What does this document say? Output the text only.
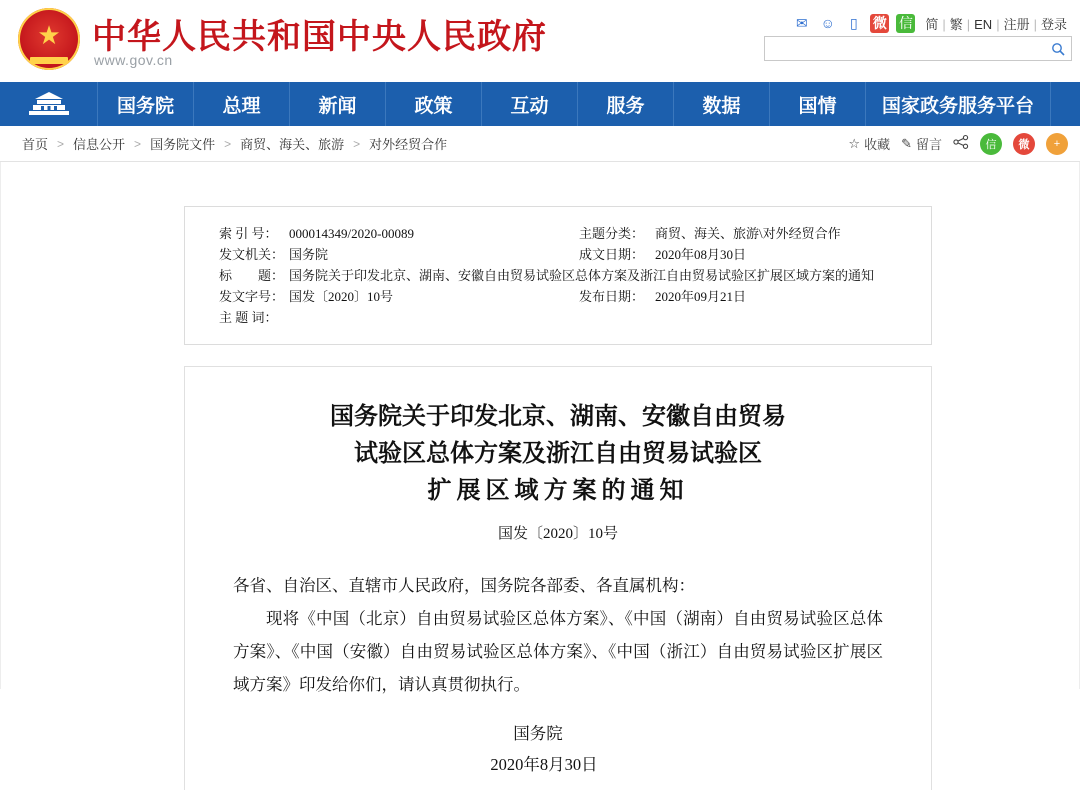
★ 中华人民共和国中央人民政府
www.gov.cn
✉ ☺	▯	微 信 简 | 繁 | EN | 注册 | 登录
国务院	总理	新闻	政策	互动	服务	数据	国情	国家政务服务平台
首页 > 信息公开 > 国务院文件 > 商贸、海关、旅游 > 对外经贸合作	☆ 收藏 ✎ 留言	信	微	+
索 引 号： 000014349/2020-00089	主题分类： 商贸、海关、旅游\对外经贸合作
发文机关： 国务院	成文日期： 2020年08月30日
标　　题： 国务院关于印发北京、湖南、安徽自由贸易试验区总体方案及浙江自由贸易试验区扩展区域方案的通知
发文字号： 国发〔2020〕10号	发布日期： 2020年09月21日
主 题 词：
国务院关于印发北京、湖南、安徽自由贸易
试验区总体方案及浙江自由贸易试验区
扩展区域方案的通知
国发〔2020〕10号
各省、自治区、直辖市人民政府，国务院各部委、各直属机构：
现将《中国（北京）自由贸易试验区总体方案》、《中国（湖南）自由贸易试验区总体方案》、《中国（安徽）自由贸易试验区总体方案》、《中国（浙江）自由贸易试验区扩展区域方案》印发给你们，请认真贯彻执行。
国务院
2020年8月30日
